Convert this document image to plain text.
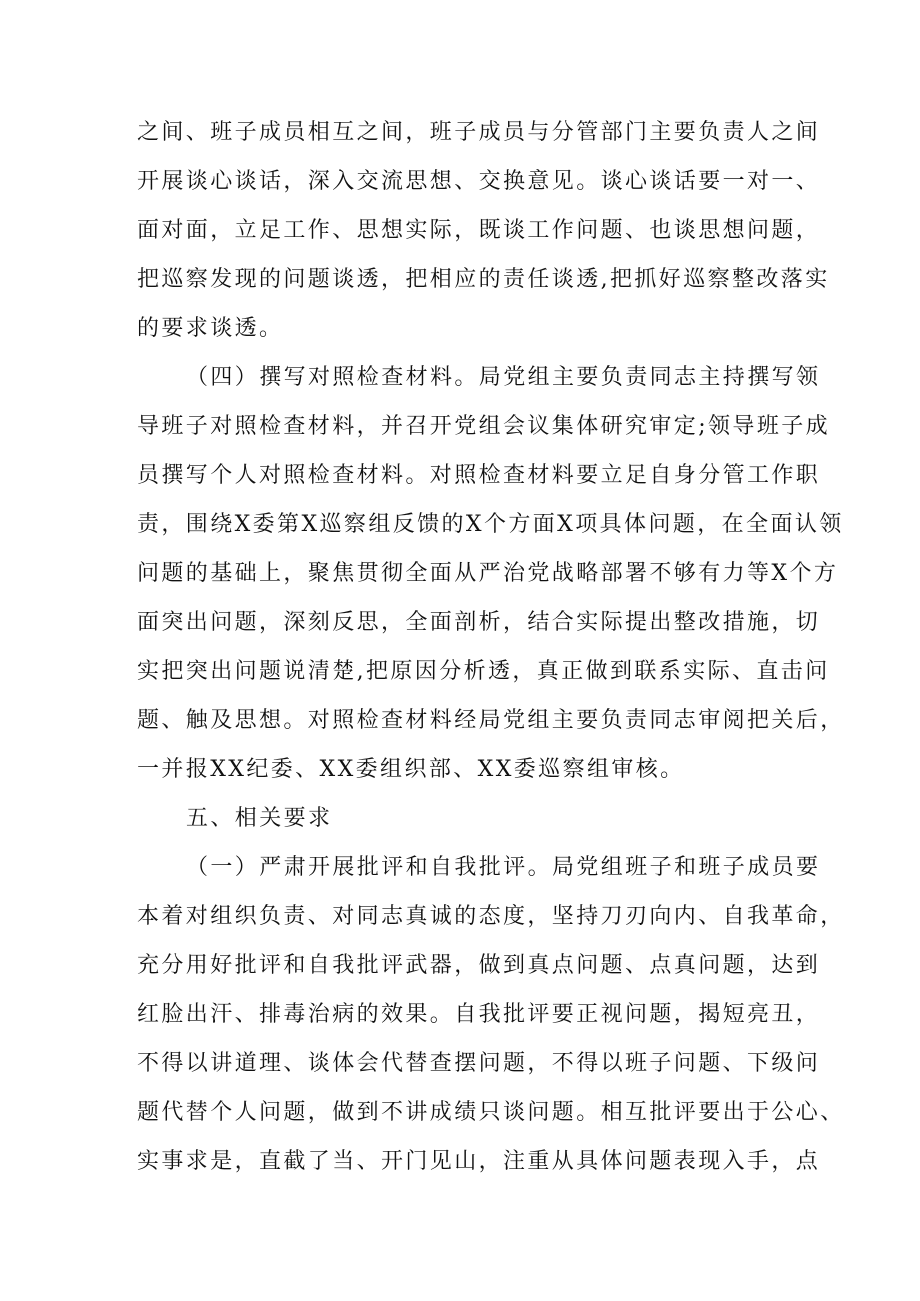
之间、班子成员相互之间，班子成员与分管部门主要负责人之间
开展谈心谈话，深入交流思想、交换意见。谈心谈话要一对一、
面对面，立足工作、思想实际，既谈工作问题、也谈思想问题，
把巡察发现的问题谈透，把相应的责任谈透,把抓好巡察整改落实
的要求谈透。
（四）撰写对照检查材料。局党组主要负责同志主持撰写领
导班子对照检查材料，并召开党组会议集体研究审定;领导班子成
员撰写个人对照检查材料。对照检查材料要立足自身分管工作职
责，围绕X委第X巡察组反馈的X个方面X项具体问题，在全面认领
问题的基础上，聚焦贯彻全面从严治党战略部署不够有力等X个方
面突出问题，深刻反思，全面剖析，结合实际提出整改措施，切
实把突出问题说清楚,把原因分析透，真正做到联系实际、直击问
题、触及思想。对照检查材料经局党组主要负责同志审阅把关后，
一并报XX纪委、XX委组织部、XX委巡察组审核。
五、相关要求
（一）严肃开展批评和自我批评。局党组班子和班子成员要
本着对组织负责、对同志真诚的态度，坚持刀刃向内、自我革命，
充分用好批评和自我批评武器，做到真点问题、点真问题，达到
红脸出汗、排毒治病的效果。自我批评要正视问题，揭短亮丑，
不得以讲道理、谈体会代替查摆问题，不得以班子问题、下级问
题代替个人问题，做到不讲成绩只谈问题。相互批评要出于公心、
实事求是，直截了当、开门见山，注重从具体问题表现入手，点
